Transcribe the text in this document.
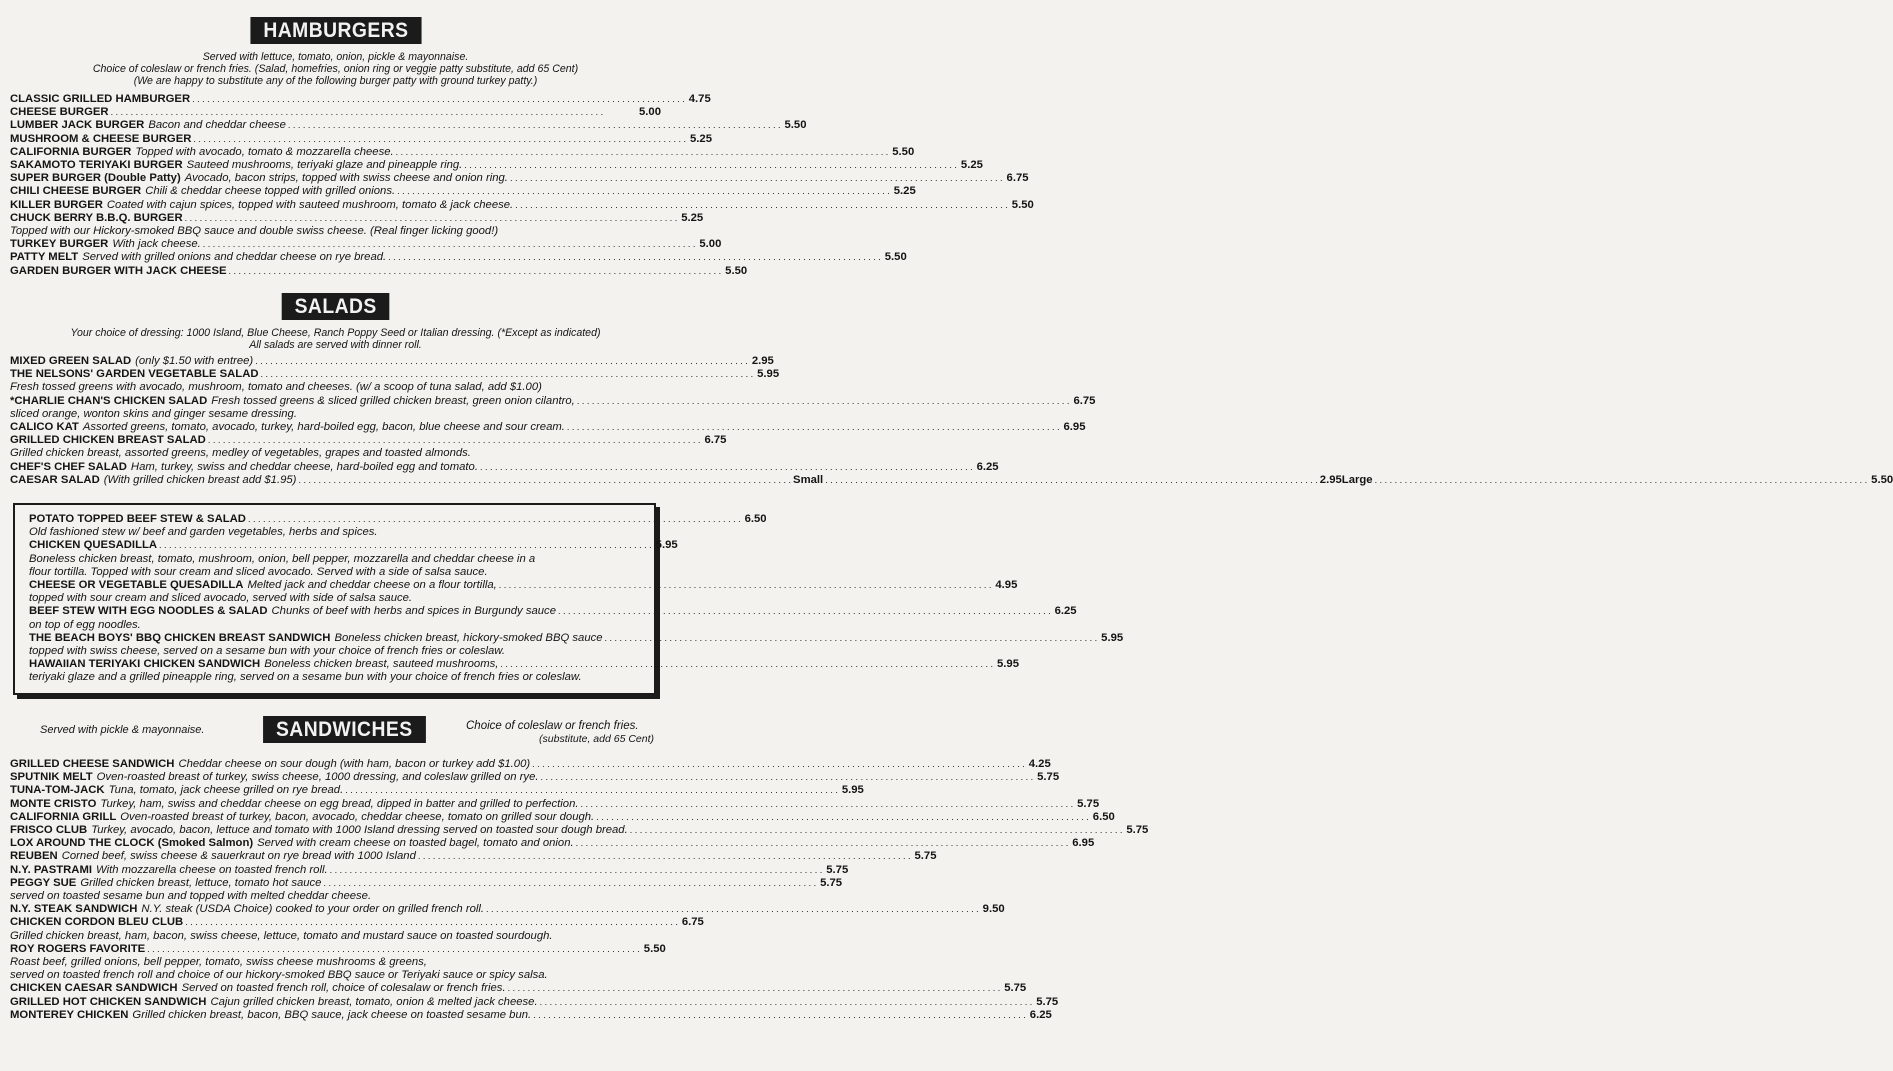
HAMBURGERS
Served with lettuce, tomato, onion, pickle & mayonnaise.
Choice of coleslaw or french fries. (Salad, homefries, onion ring or veggie patty substitute, add 65 Cent)
(We are happy to substitute any of the following burger patty with ground turkey patty.)
CLASSIC GRILLED HAMBURGER . . .	4.75
CHEESE BURGER . . .	5.00
LUMBER JACK BURGER Bacon and cheddar cheese . . .	5.50
MUSHROOM & CHEESE BURGER . . .	5.25
CALIFORNIA BURGER Topped with avocado, tomato & mozzarella cheese. . . .	5.50
SAKAMOTO TERIYAKI BURGER Sauteed mushrooms, teriyaki glaze and pineapple ring. . . .	5.25
SUPER BURGER (Double Patty) Avocado, bacon strips, topped with swiss cheese and onion ring. . . .	6.75
CHILI CHEESE BURGER Chili & cheddar cheese topped with grilled onions. . . .	5.25
KILLER BURGER Coated with cajun spices, topped with sauteed mushroom, tomato & jack cheese. . . .	5.50
CHUCK BERRY B.B.Q. BURGER . . .	5.25
Topped with our Hickory-smoked BBQ sauce and double swiss cheese. (Real finger licking good!)
TURKEY BURGER With jack cheese. . . .	5.00
PATTY MELT Served with grilled onions and cheddar cheese on rye bread. . . .	5.50
GARDEN BURGER WITH JACK CHEESE . . .	5.50
SALADS
Your choice of dressing: 1000 Island, Blue Cheese, Ranch Poppy Seed or Italian dressing. (*Except as indicated)
All salads are served with dinner roll.
MIXED GREEN SALAD (only $1.50 with entree) . . .	2.95
THE NELSONS' GARDEN VEGETABLE SALAD . . .	5.95
Fresh tossed greens with avocado, mushroom, tomato and cheeses. (w/ a scoop of tuna salad, add $1.00)
*CHARLIE CHAN'S CHICKEN SALAD Fresh tossed greens & sliced grilled chicken breast, green onion cilantro, . . .	6.75
sliced orange, wonton skins and ginger sesame dressing.
CALICO KAT Assorted greens, tomato, avocado, turkey, hard-boiled egg, bacon, blue cheese and sour cream. . . .	6.95
GRILLED CHICKEN BREAST SALAD . . .	6.75
Grilled chicken breast, assorted greens, medley of vegetables, grapes and toasted almonds.
CHEF'S CHEF SALAD Ham, turkey, swiss and cheddar cheese, hard-boiled egg and tomato. . . .	6.25
CAESAR SALAD (With grilled chicken breast add $1.95) . . .	Small . . .	2.95 Large . . .	5.50
POTATO TOPPED BEEF STEW & SALAD . . .	6.50
Old fashioned stew w/ beef and garden vegetables, herbs and spices.
CHICKEN QUESADILLA . . .	5.95
Boneless chicken breast, tomato, mushroom, onion, bell pepper, mozzarella and cheddar cheese in a
flour tortilla. Topped with sour cream and sliced avocado. Served with a side of salsa sauce.
CHEESE OR VEGETABLE QUESADILLA Melted jack and cheddar cheese on a flour tortilla, . . .	4.95
topped with sour cream and sliced avocado, served with side of salsa sauce.
BEEF STEW WITH EGG NOODLES & SALAD Chunks of beef with herbs and spices in Burgundy sauce . . .	6.25
on top of egg noodles.
THE BEACH BOYS' BBQ CHICKEN BREAST SANDWICH Boneless chicken breast, hickory-smoked BBQ sauce . . .	5.95
topped with swiss cheese, served on a sesame bun with your choice of french fries or coleslaw.
HAWAIIAN TERIYAKI CHICKEN SANDWICH Boneless chicken breast, sauteed mushrooms, . . .	5.95
teriyaki glaze and a grilled pineapple ring, served on a sesame bun with your choice of french fries or coleslaw.
Served with pickle & mayonnaise.	SANDWICHES	Choice of coleslaw or french fries.
(substitute, add 65 Cent)
GRILLED CHEESE SANDWICH Cheddar cheese on sour dough (with ham, bacon or turkey add $1.00) . . .	4.25
SPUTNIK MELT Oven-roasted breast of turkey, swiss cheese, 1000 dressing, and coleslaw grilled on rye. . . .	5.75
TUNA-TOM-JACK Tuna, tomato, jack cheese grilled on rye bread. . . .	5.95
MONTE CRISTO Turkey, ham, swiss and cheddar cheese on egg bread, dipped in batter and grilled to perfection. . . .	5.75
CALIFORNIA GRILL Oven-roasted breast of turkey, bacon, avocado, cheddar cheese, tomato on grilled sour dough. . . .	6.50
FRISCO CLUB Turkey, avocado, bacon, lettuce and tomato with 1000 Island dressing served on toasted sour dough bread. . . .	5.75
LOX AROUND THE CLOCK (Smoked Salmon) Served with cream cheese on toasted bagel, tomato and onion. . . .	6.95
REUBEN Corned beef, swiss cheese & sauerkraut on rye bread with 1000 Island . . .	5.75
N.Y. PASTRAMI With mozzarella cheese on toasted french roll. . . .	5.75
PEGGY SUE Grilled chicken breast, lettuce, tomato hot sauce . . .	5.75
served on toasted sesame bun and topped with melted cheddar cheese.
N.Y. STEAK SANDWICH N.Y. steak (USDA Choice) cooked to your order on grilled french roll. . . .	9.50
CHICKEN CORDON BLEU CLUB . . .	6.75
Grilled chicken breast, ham, bacon, swiss cheese, lettuce, tomato and mustard sauce on toasted sourdough.
ROY ROGERS FAVORITE . . .	5.50
Roast beef, grilled onions, bell pepper, tomato, swiss cheese mushrooms & greens,
served on toasted french roll and choice of our hickory-smoked BBQ sauce or Teriyaki sauce or spicy salsa.
CHICKEN CAESAR SANDWICH Served on toasted french roll, choice of colesalaw or french fries. . . .	5.75
GRILLED HOT CHICKEN SANDWICH Cajun grilled chicken breast, tomato, onion & melted jack cheese. . . .	5.75
MONTEREY CHICKEN Grilled chicken breast, bacon, BBQ sauce, jack cheese on toasted sesame bun. . . .	6.25
